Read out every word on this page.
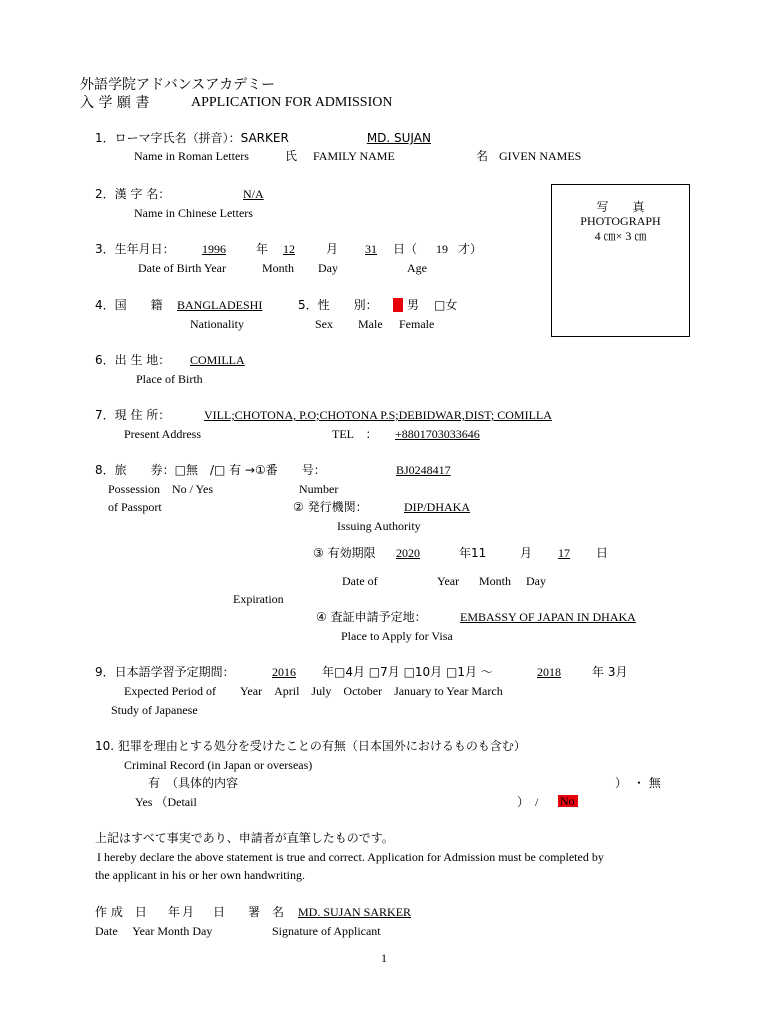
外語学院アドバンスアカデミー
入 学 願 書	APPLICATION FOR ADMISSION
写　　真
PHOTOGRAPH
4 ㎝× 3 ㎝
1．ローマ字氏名（拼音）：SARKER	MD. SUJAN
Name in Roman Letters	氏 FAMILY NAME	名 GIVEN NAMES
2．漢 字 名：	N/A
Name in Chinese Letters
3．生年月日：	1996	年	12	月	31	日（ 19 才）
Date of Birth Year	Month Day	Age
4．国　　籍 BANGLADESHI	5．性　　別： 男 □女
Nationality	Sex Male Female
6．出 生 地： COMILLA
Place of Birth
7．現 住 所：	VILL;CHOTONA, P.O;CHOTONA P.S;DEBIDWAR,DIST; COMILLA
Present Address	TEL　：	+8801703033646
8．旅　　券：□無　/□ 有 →①番　　号：	BJ0248417
Possession　No / Yes	Number
of Passport	② 発行機関：	DIP/DHAKA
Issuing Authority
③ 有効期限 2020	年11	月	17	日
Date of	Year Month Day
Expiration
④ 査証申請予定地：	EMBASSY OF JAPAN IN DHAKA
Place to Apply for Visa
9．日本語学習予定期間：	2016	年□4月 □7月 □10月 □1月 ～	2018	年 3月
Expected Period of　　Year　April　July　October　January to Year March
Study of Japanese
10. 犯罪を理由とする処分を受けたことの有無（日本国外におけるものも含む）
Criminal Record (in Japan or overseas)
有　（具体的内容	）　・ 無
Yes （Detail	）　/ No
上記はすべて事実であり、申請者が直筆したものです。
I hereby declare the above statement is true and correct. Application for Admission must be completed by
the applicant in his or her own handwriting.
作 成　日 年 月 日 署　名	MD. SUJAN SARKER
Date　 Year Month Day	Signature of Applicant
1
